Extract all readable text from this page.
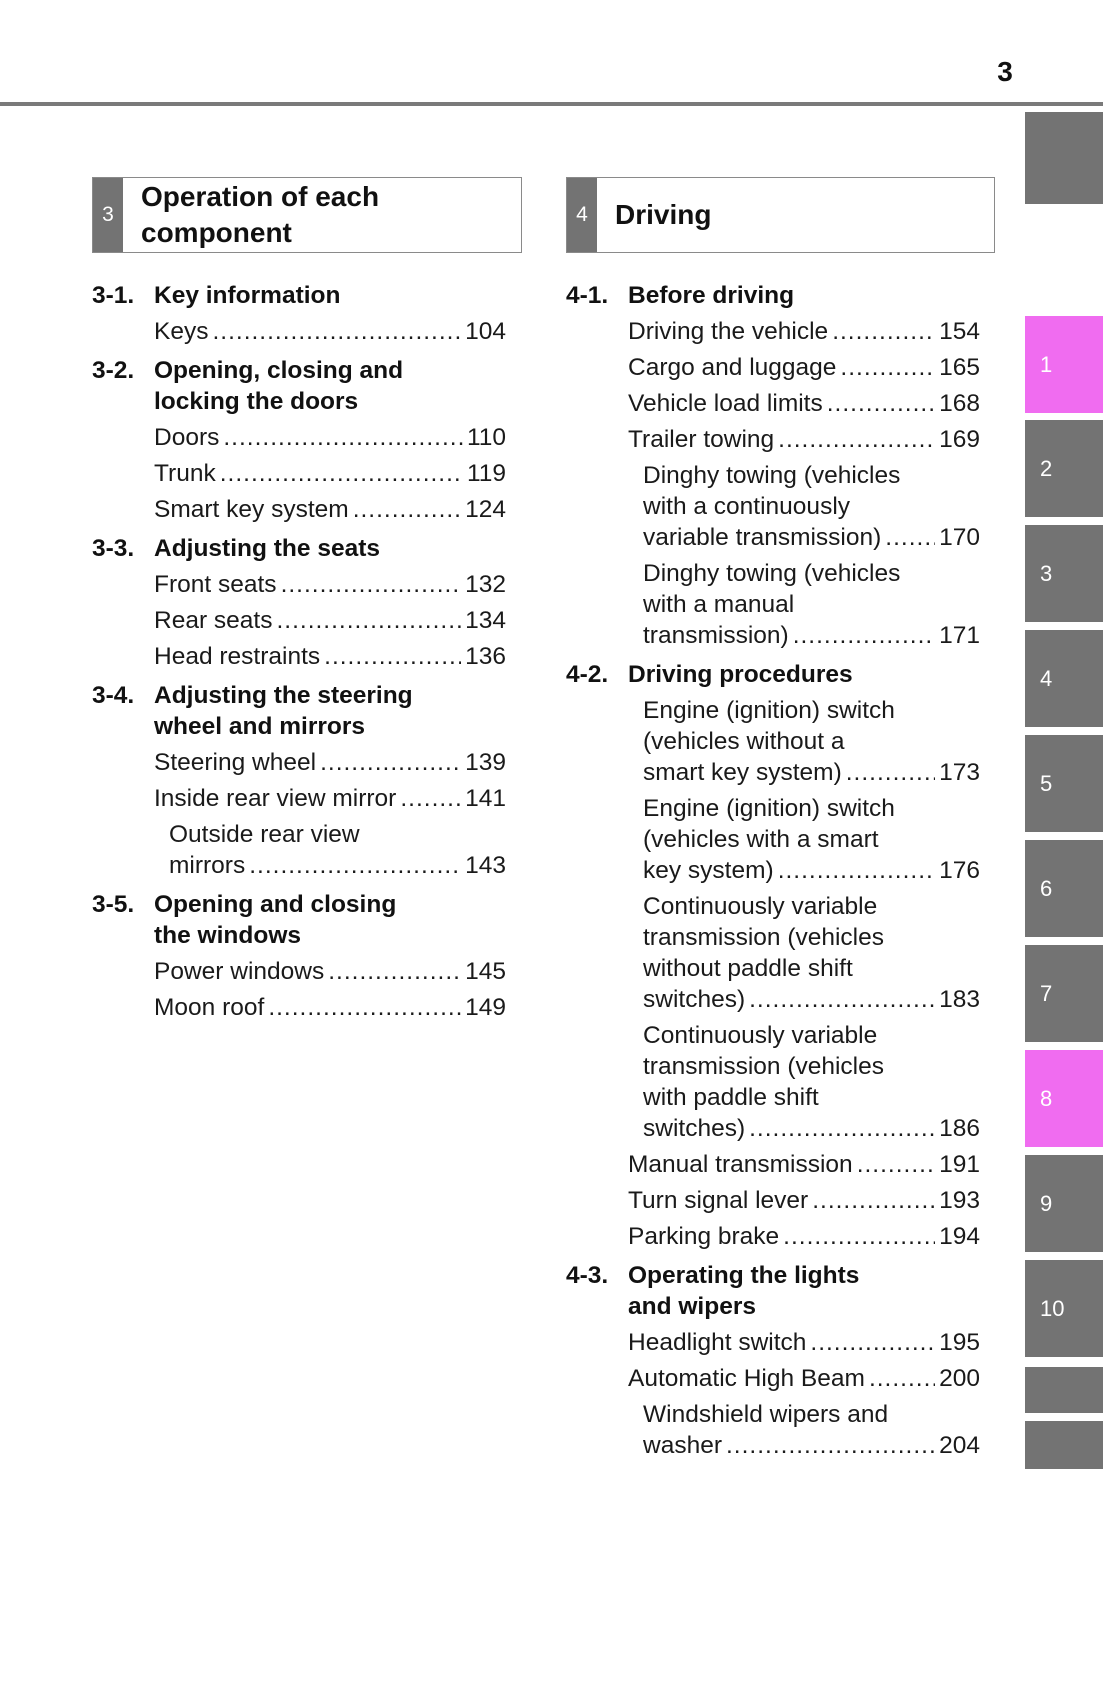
3
1
2
3
4
5
6
7
8
9
10
3
Operation of each
component
4 Driving
3-1. Key information
Keys .....	104
3-2. Opening, closing and
locking the doors
Doors .....	110
Trunk .....	119
Smart key system .....	124
3-3. Adjusting the seats
Front seats .....	132
Rear seats .....	134
Head restraints .....	136
3-4. Adjusting the steering
wheel and mirrors
Steering wheel .....	139
Inside rear view mirror .....	141
Outside rear view
mirrors .....	143
3-5. Opening and closing
the windows
Power windows .....	145
Moon roof .....	149
4-1. Before driving
Driving the vehicle .....	154
Cargo and luggage .....	165
Vehicle load limits .....	168
Trailer towing .....	169
Dinghy towing (vehicles
with a continuously
variable transmission) ..... 170
Dinghy towing (vehicles
with a manual
transmission) .....	171
4-2. Driving procedures
Engine (ignition) switch
(vehicles without a
smart key system) .....	173
Engine (ignition) switch
(vehicles with a smart
key system) .....	176
Continuously variable
transmission (vehicles
without paddle shift
switches) .....	183
Continuously variable
transmission (vehicles
with paddle shift
switches) .....	186
Manual transmission .....	191
Turn signal lever .....	193
Parking brake .....	194
4-3. Operating the lights
and wipers
Headlight switch .....	195
Automatic High Beam .....	200
Windshield wipers and
washer .....	204
